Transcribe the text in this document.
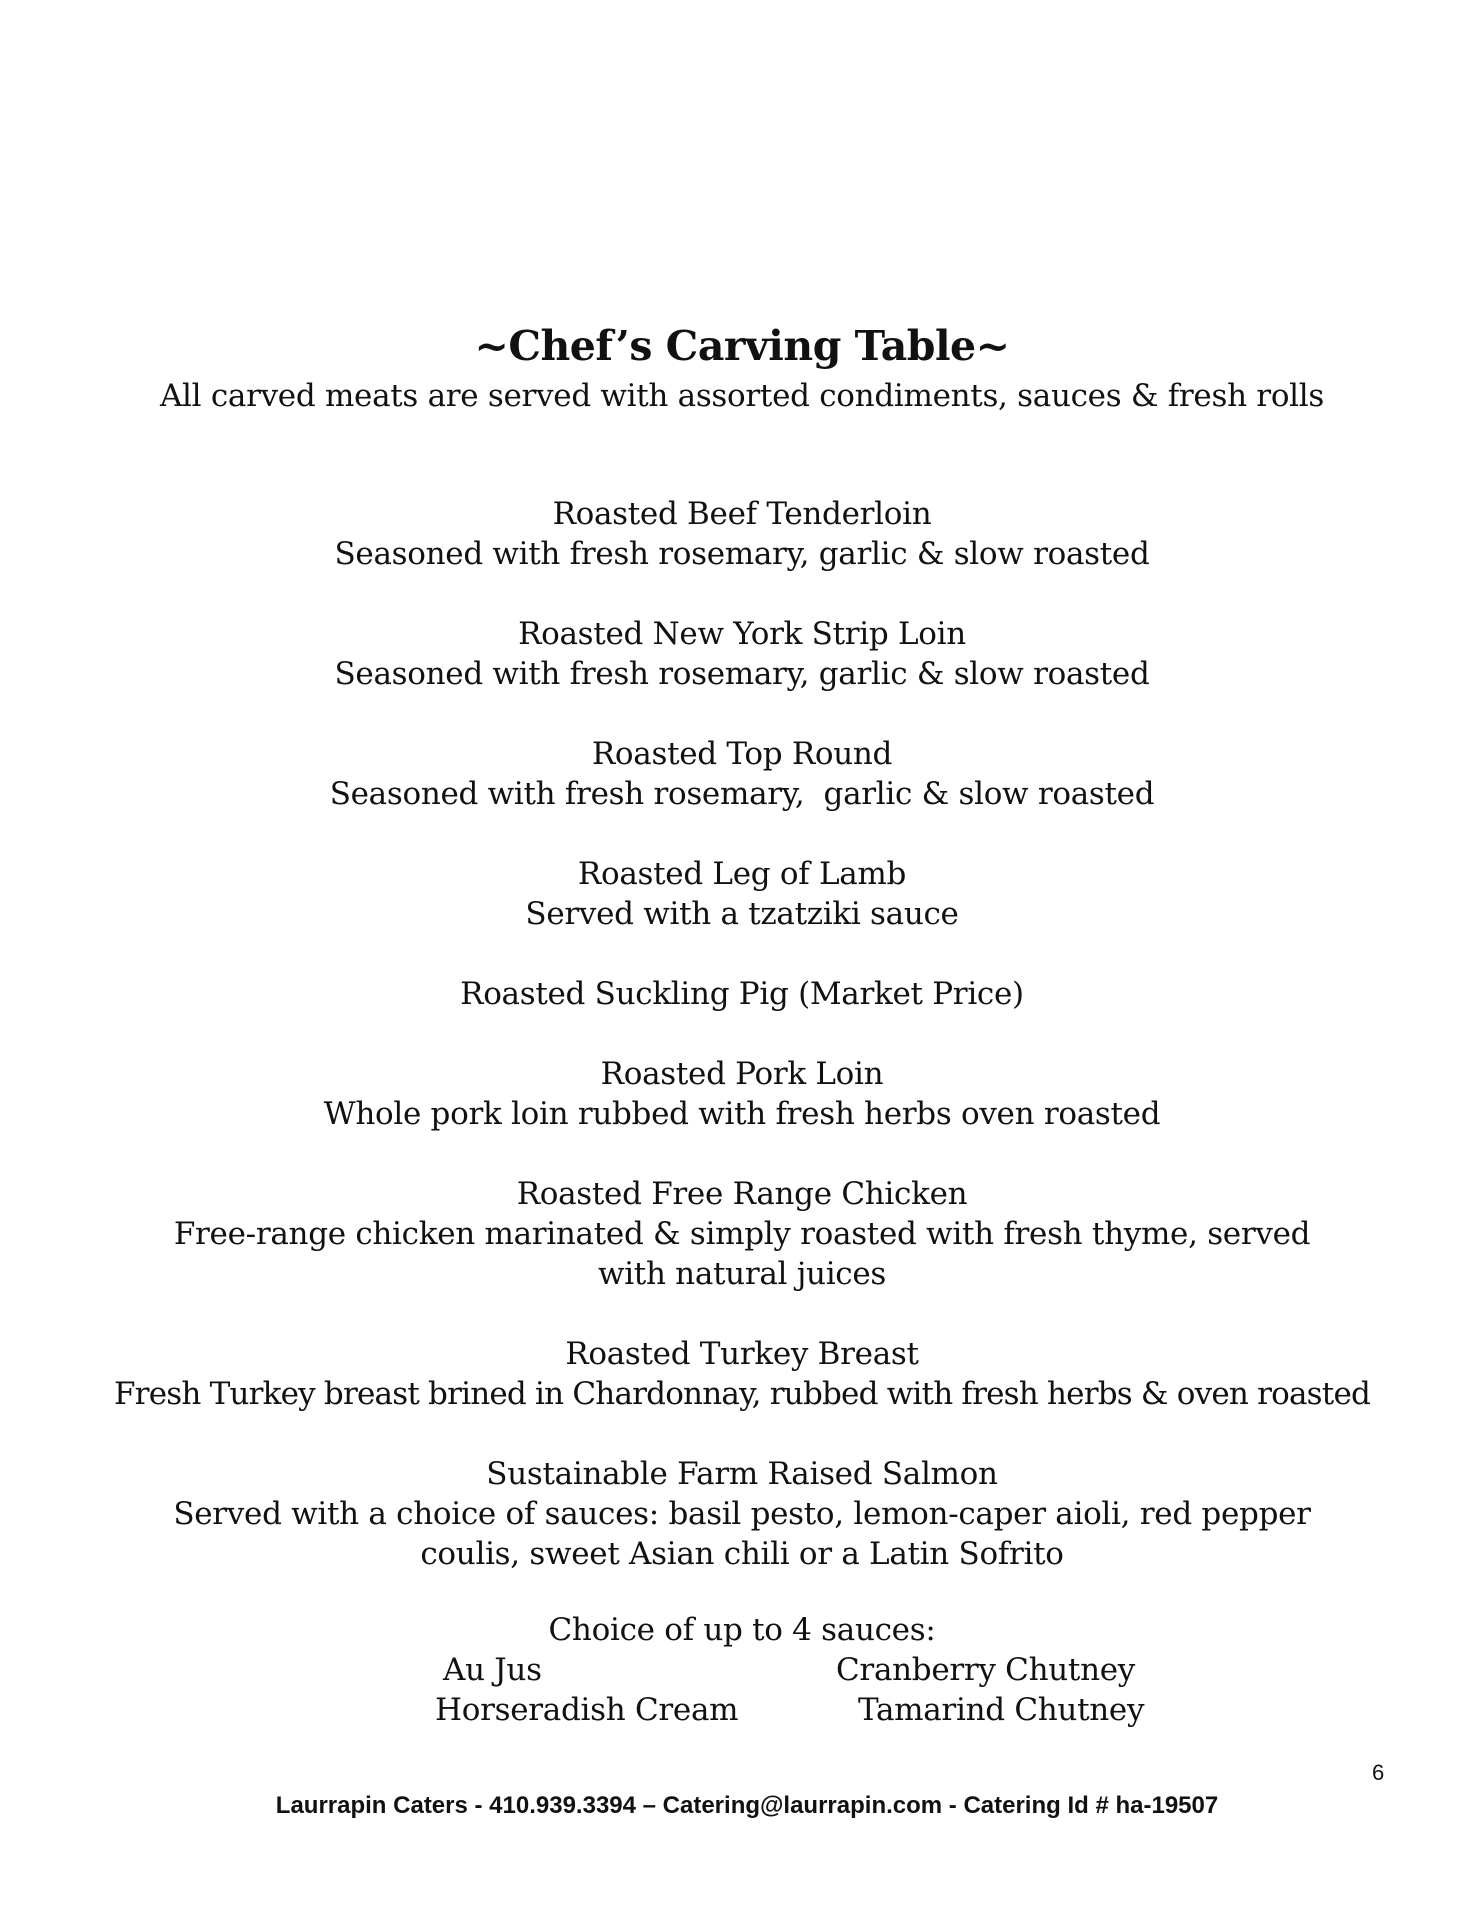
~Chef’s Carving Table~
All carved meats are served with assorted condiments, sauces & fresh rolls
Roasted Beef Tenderloin
Seasoned with fresh rosemary, garlic & slow roasted
Roasted New York Strip Loin
Seasoned with fresh rosemary, garlic & slow roasted
Roasted Top Round
Seasoned with fresh rosemary,  garlic & slow roasted
Roasted Leg of Lamb
Served with a tzatziki sauce
Roasted Suckling Pig (Market Price)
Roasted Pork Loin
Whole pork loin rubbed with fresh herbs oven roasted
Roasted Free Range Chicken
Free-range chicken marinated & simply roasted with fresh thyme, served with natural juices
Roasted Turkey Breast
Fresh Turkey breast brined in Chardonnay, rubbed with fresh herbs & oven roasted
Sustainable Farm Raised Salmon
Served with a choice of sauces: basil pesto, lemon-caper aioli, red pepper coulis, sweet Asian chili or a Latin Sofrito
Choice of up to 4 sauces:
Au Jus	Cranberry Chutney
Horseradish Cream	Tamarind Chutney
6
Laurrapin Caters - 410.939.3394 – Catering@laurrapin.com - Catering Id # ha-19507
